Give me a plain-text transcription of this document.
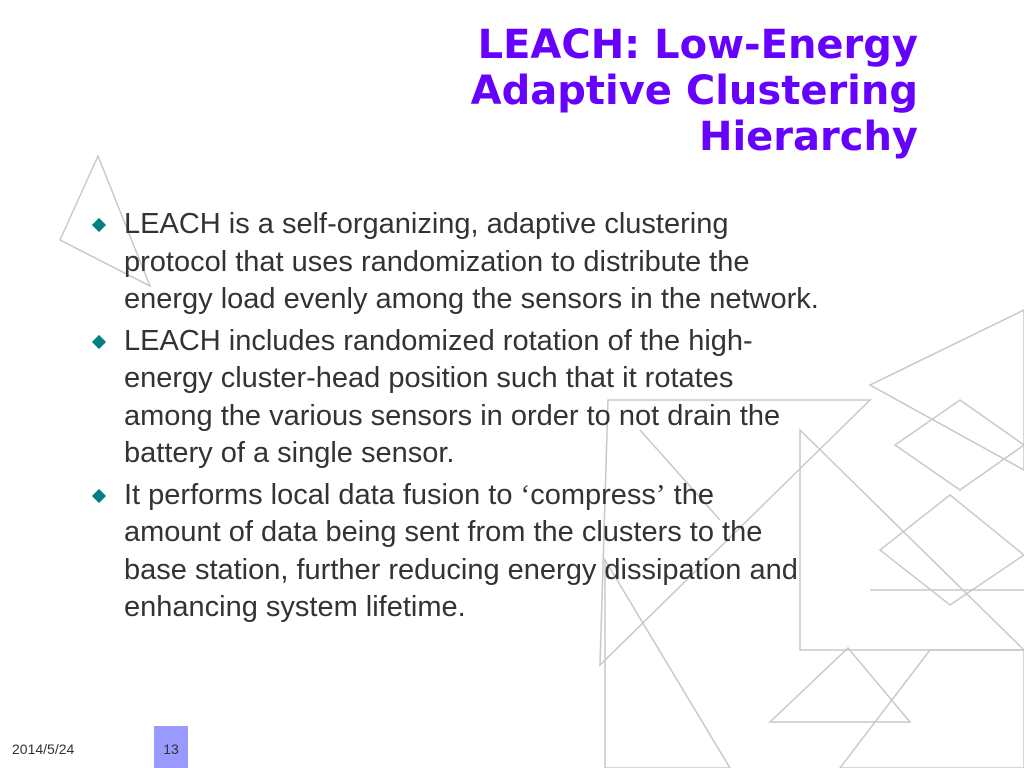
LEACH: Low-Energy
Adaptive Clustering
Hierarchy
LEACH is a self-organizing, adaptive clustering
protocol that uses randomization to distribute the
energy load evenly among the sensors in the network.
LEACH includes randomized rotation of the high-
energy cluster-head position such that it rotates
among the various sensors in order to not drain the
battery of a single sensor.
It performs local data fusion to ‘compress’ the
amount of data being sent from the clusters to the
base station, further reducing energy dissipation and
enhancing system lifetime.
2014/5/24	13
